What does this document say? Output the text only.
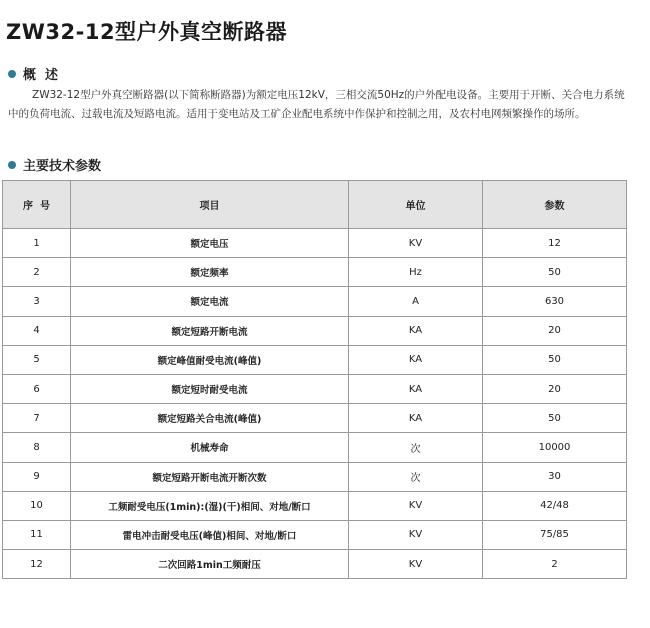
ZW32-12型户外真空断路器
概  述

ZW32-12型户外真空断路器(以下简称断路器)为额定电压12kV，三相交流50Hz的户外配电设备。主要用于开断、关合电力系统中的负荷电流、过载电流及短路电流。适用于变电站及工矿企业配电系统中作保护和控制之用，及农村电网频繁操作的场所。

主要技术参数
序  号	项目	单位	参数
1	额定电压	KV	12
2	额定频率	Hz	50
3	额定电流	A	630
4	额定短路开断电流	KA	20
5	额定峰值耐受电流(峰值)	KA	50
6	额定短时耐受电流	KA	20
7	额定短路关合电流(峰值)	KA	50
8	机械寿命	次	10000
9	额定短路开断电流开断次数	次	30
10	工频耐受电压(1min):(湿)(干)相间、对地/断口	KV	42/48
11	雷电冲击耐受电压(峰值)相间、对地/断口	KV	75/85
12	二次回路1min工频耐压	KV	2
